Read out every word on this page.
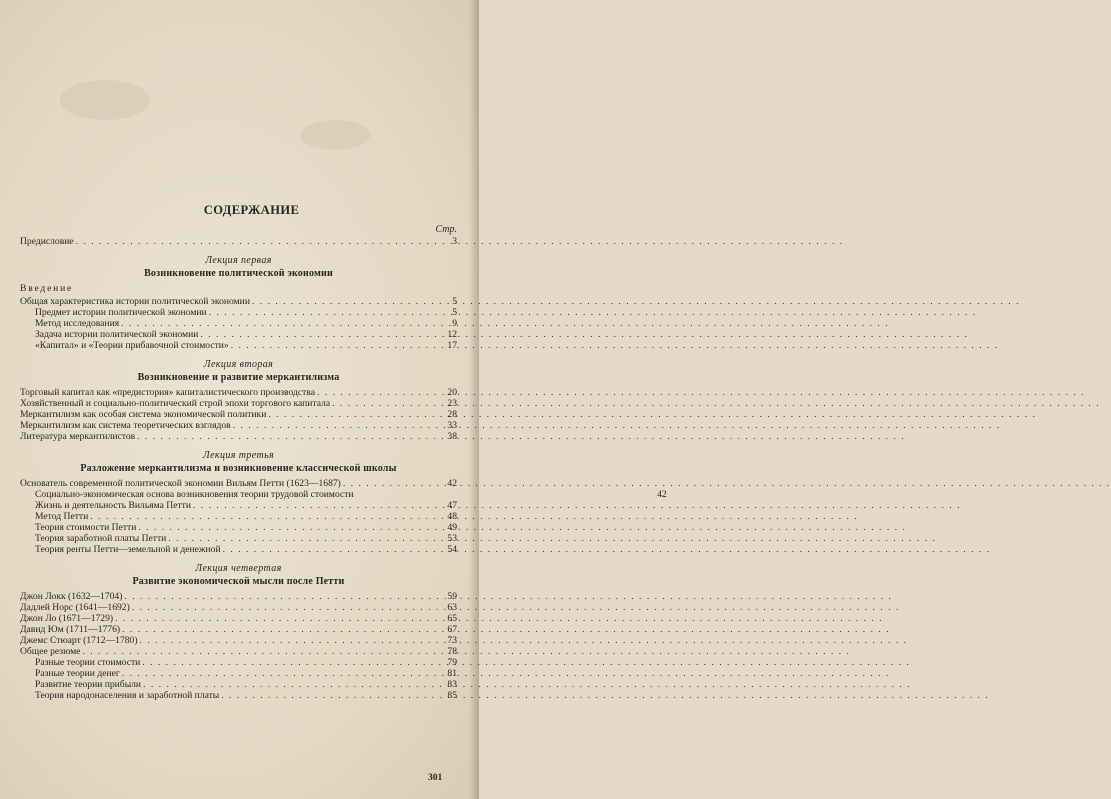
СОДЕРЖАНИЕ
Стр.
Предисловие . . .	3
Лекция первая
Возникновение политической экономии
Введение
Общая характеристика истории политической экономии . . .	5
Предмет истории политической экономии . . .	5
Метод исследования . . .	9
Задача истории политической экономии . . .	12
«Капитал» и «Теории прибавочной стоимости» . . .	17
Лекция вторая
Возникновение и развитие меркантилизма
Торговый капитал как «предистория» капиталистического производства . . .	20
Хозяйственный и социально-политический строй эпохи торгового капитала . . .	23
Меркантилизм как особая система экономической политики . . .	28
Меркантилизм как система теоретических взглядов . . .	33
Литература меркантилистов . . .	38
Лекция третья
Разложение меркантилизма и возникновение классической школы
Основатель современной политической экономии Вильям Петти (1623—1687) . . .	42
Социально-экономическая основа возникновения теории трудовой стоимости	42
Жизнь и деятельность Вильяма Петти . . .	47
Метод Петти . . .	48
Теория стоимости Петти . . .	49
Теория заработной платы Петти . . .	53
Теория ренты Петти—земельной и денежной . . .	54
Лекция четвертая
Развитие экономической мысли после Петти
Джон Локк (1632—1704) . . .	59
Дадлей Норс (1641—1692) . . .	63
Джон Ло (1671—1729) . . .	65
Давид Юм (1711—1776) . . .	67
Джемс Стюарт (1712—1780) . . .	73
Общее резюме . . .	78
Разные теории стоимости . . .	79
Разные теории денег . . .	81
Развитие теории прибыли . . .	83
Теория народонаселения и заработной платы . . .	85
301
